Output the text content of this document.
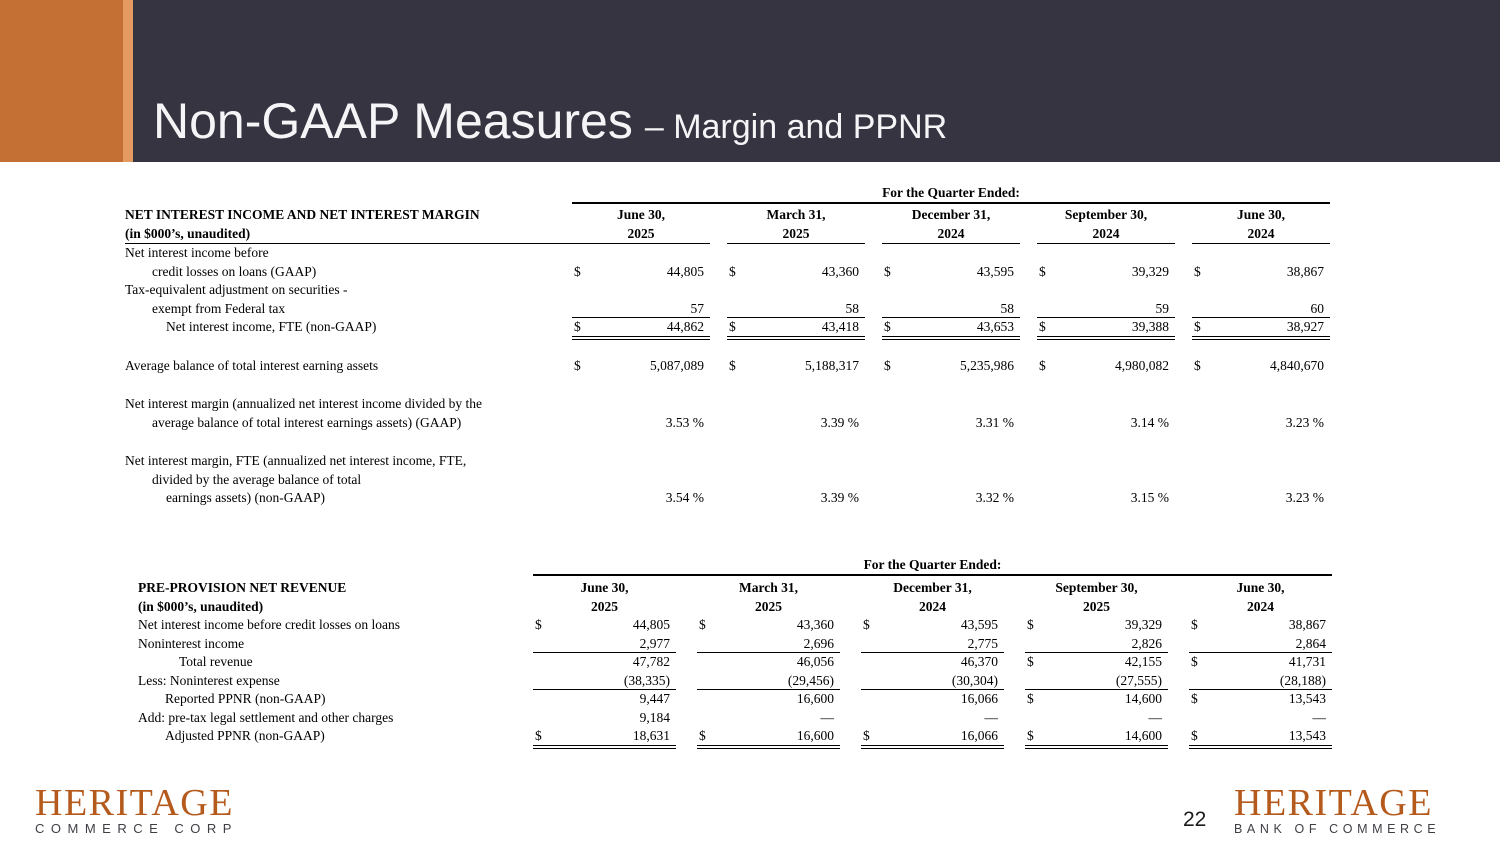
Non-GAAP Measures – Margin and PPNR
For the Quarter Ended:
NET INTEREST INCOME AND NET INTEREST MARGIN
(in $000’s, unaudited)
June 30,
2025
March 31,
2025
December 31,
2024
September 30,
2024
June 30,
2024
Net interest income before
credit losses on loans (GAAP)	$	44,805	$	43,360	$	43,595	$	39,329	$	38,867
Tax-equivalent adjustment on securities -
exempt from Federal tax	57	58	58	59	60
Net interest income, FTE (non-GAAP)	$	44,862	$	43,418	$	43,653	$	39,388	$	38,927
Average balance of total interest earning assets	$	5,087,089	$	5,188,317	$	5,235,986	$	4,980,082	$	4,840,670
Net interest margin (annualized net interest income divided by the
average balance of total interest earnings assets) (GAAP)	3.53 %	3.39 %	3.31 %	3.14 %	3.23 %
Net interest margin, FTE (annualized net interest income, FTE,
divided by the average balance of total
earnings assets) (non-GAAP)	3.54 %	3.39 %	3.32 %	3.15 %	3.23 %
For the Quarter Ended:
PRE-PROVISION NET REVENUE
(in $000’s, unaudited)
June 30,
2025
March 31,
2025
December 31,
2024
September 30,
2025
June 30,
2024
Net interest income before credit losses on loans	$	44,805	$	43,360	$	43,595	$	39,329	$	38,867
Noninterest income	2,977	2,696	2,775	2,826	2,864
Total revenue	47,782	46,056	46,370	$	42,155	$	41,731
Less: Noninterest expense	(38,335)	(29,456)	(30,304)	(27,555)	(28,188)
Reported PPNR (non-GAAP)	9,447	16,600	16,066	$	14,600	$	13,543
Add: pre-tax legal settlement and other charges	9,184	—	—	—	—
Adjusted PPNR (non-GAAP)	$	18,631	$	16,600	$	16,066	$	14,600	$	13,543
HERITAGE
COMMERCE CORP	22 HERITAGE
BANK OF COMMERCE
